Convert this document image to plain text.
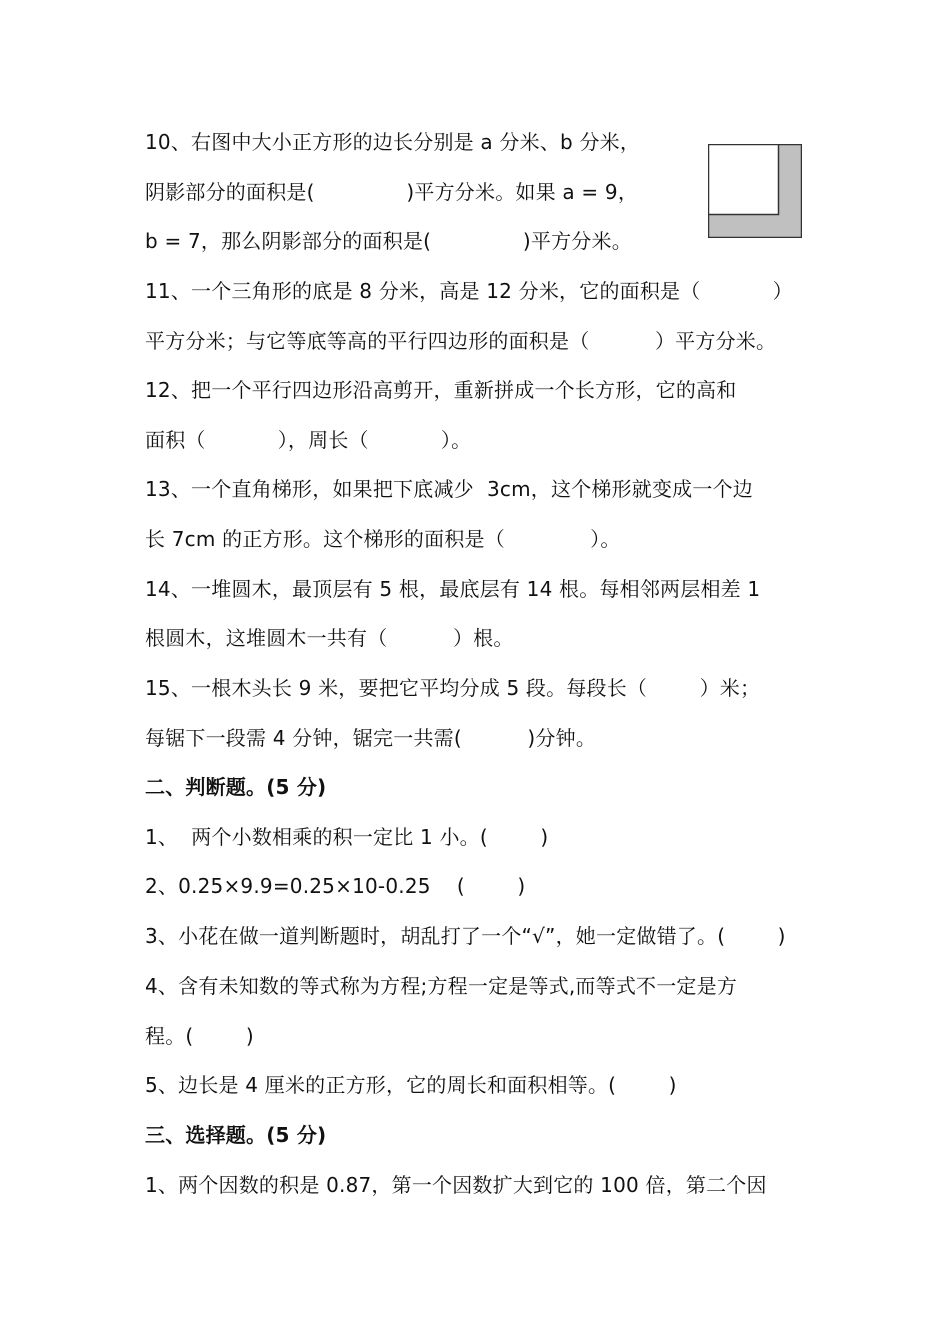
10、右图中大小正方形的边长分别是 a 分米、b 分米，
阴影部分的面积是(              )平方分米。如果 a = 9，
b = 7，那么阴影部分的面积是(              )平方分米。
11、一个三角形的底是 8 分米，高是 12 分米，它的面积是（           ）
平方分米；与它等底等高的平行四边形的面积是（          ）平方分米。
12、把一个平行四边形沿高剪开，重新拼成一个长方形，它的高和
面积（           ），周长（           ）。
13、一个直角梯形，如果把下底减少  3cm，这个梯形就变成一个边
长 7cm 的正方形。这个梯形的面积是（             ）。
14、一堆圆木，最顶层有 5 根，最底层有 14 根。每相邻两层相差 1
根圆木，这堆圆木一共有（          ）根。
15、一根木头长 9 米，要把它平均分成 5 段。每段长（        ）米；
每锯下一段需 4 分钟，锯完一共需(          )分钟。
二、判断题。(5 分)
1、  两个小数相乘的积一定比 1 小。(        )
2、0.25×9.9=0.25×10-0.25    (        )
3、小花在做一道判断题时，胡乱打了一个“√”，她一定做错了。(        )
4、含有未知数的等式称为方程;方程一定是等式,而等式不一定是方
程。(        )
5、边长是 4 厘米的正方形，它的周长和面积相等。(        )
三、选择题。(5 分)
1、两个因数的积是 0.87，第一个因数扩大到它的 100 倍，第二个因
